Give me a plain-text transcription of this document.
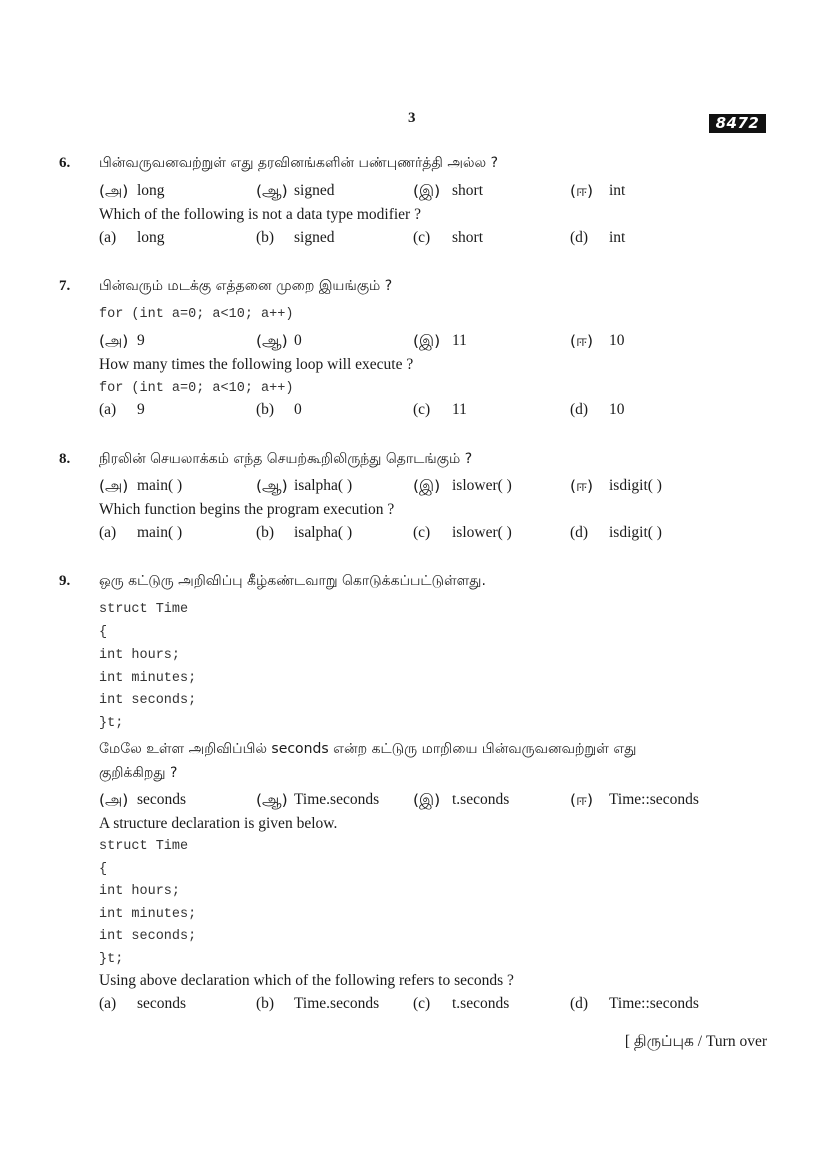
3	8472
6. பின்வருவனவற்றுள் எது தரவினங்களின் பண்புணர்த்தி அல்ல ?
(அ) long	(ஆ) signed	(இ) short	(ஈ) int
Which of the following is not a data type modifier ?
(a) long	(b) signed	(c) short	(d) int
7. பின்வரும் மடக்கு எத்தனை முறை இயங்கும் ?
for (int a=0; a<10; a++)
(அ) 9	(ஆ) 0	(இ) 11	(ஈ) 10
How many times the following loop will execute ?
for (int a=0; a<10; a++)
(a) 9	(b) 0	(c) 11	(d) 10
8. நிரலின் செயலாக்கம் எந்த செயற்கூறிலிருந்து தொடங்கும் ?
(அ) main( )	(ஆ) isalpha( )	(இ) islower( )	(ஈ) isdigit( )
Which function begins the program execution ?
(a) main( )	(b) isalpha( )	(c) islower( )	(d) isdigit( )
9. ஒரு கட்டுரு அறிவிப்பு கீழ்கண்டவாறு கொடுக்கப்பட்டுள்ளது.
struct Time
{
int hours;
int minutes;
int seconds;
}t;
மேலே உள்ள அறிவிப்பில் seconds என்ற கட்டுரு மாறியை பின்வருவனவற்றுள் எது
குறிக்கிறது ?
(அ) seconds	(ஆ) Time.seconds (இ) t.seconds	(ஈ) Time::seconds
A structure declaration is given below.
struct Time
{
int hours;
int minutes;
int seconds;
}t;
Using above declaration which of the following refers to seconds ?
(a) seconds	(b) Time.seconds (c) t.seconds	(d) Time::seconds
[ திருப்புக / Turn over
